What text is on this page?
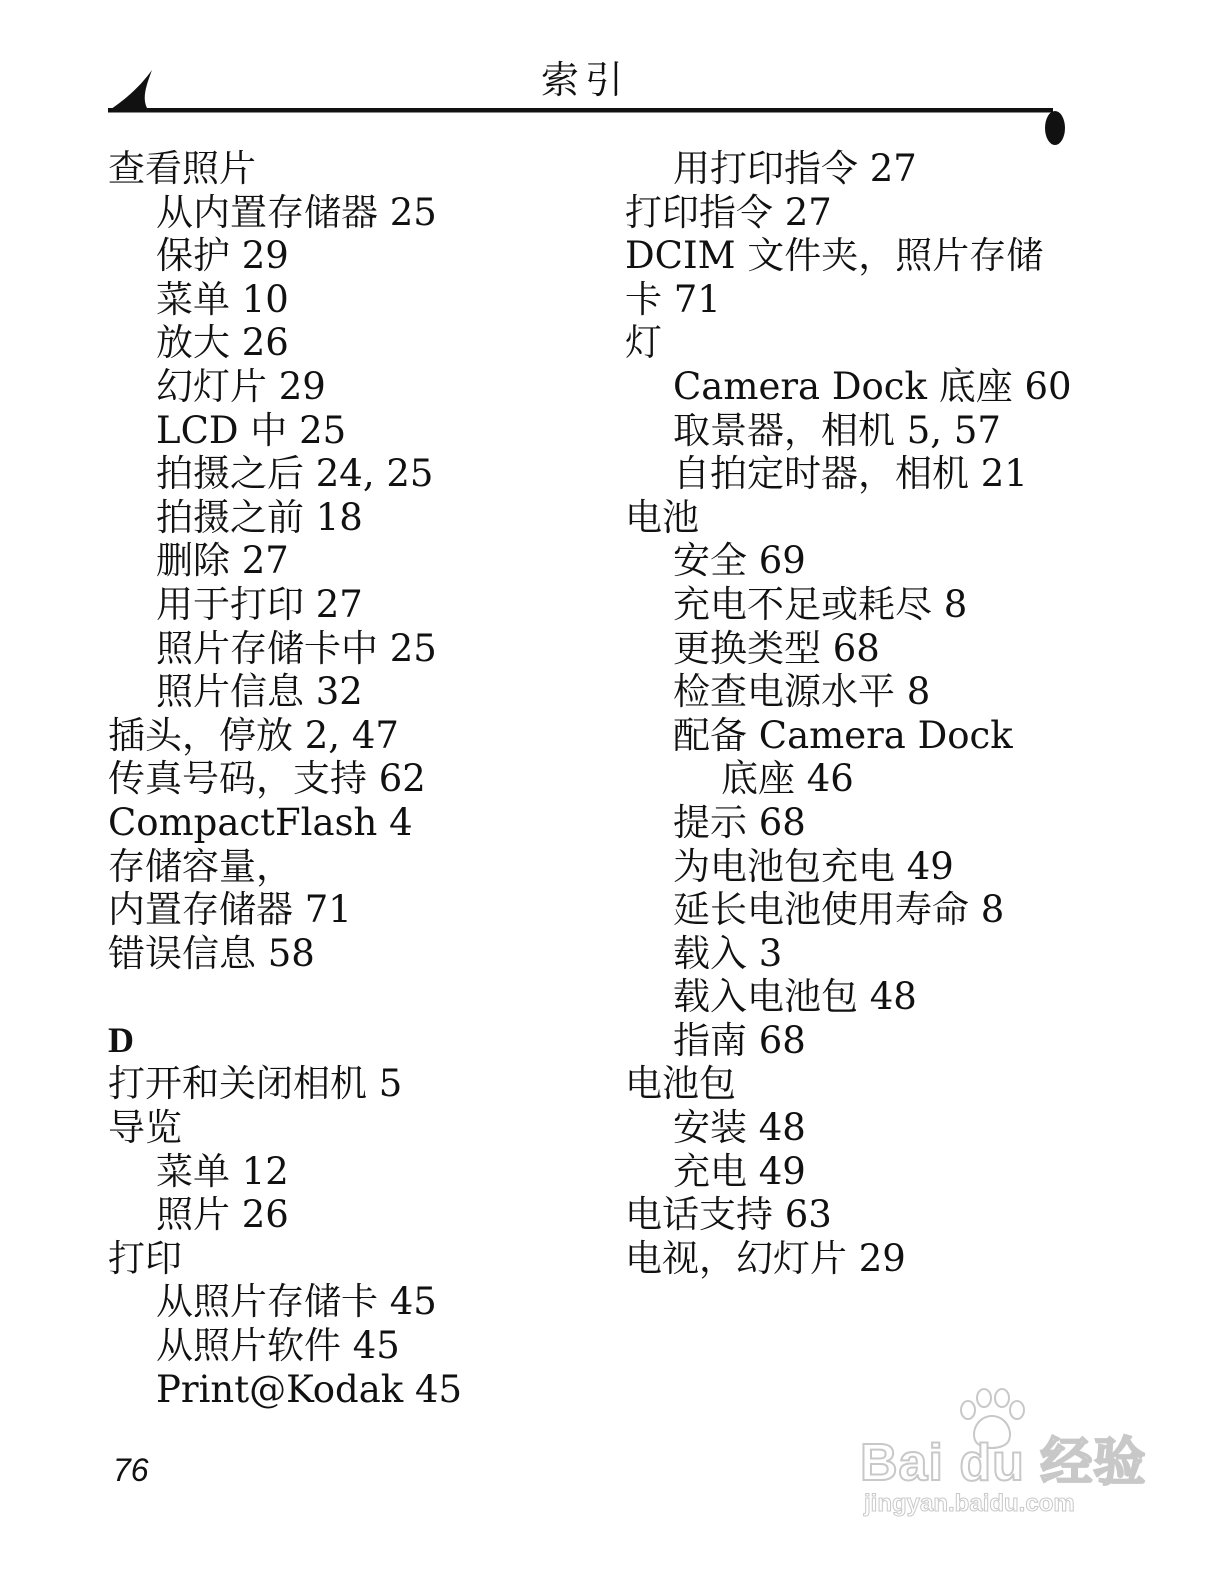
索引
查看照片
从内置存储器 25
保护 29
菜单 10
放大 26
幻灯片 29
LCD 中 25
拍摄之后 24, 25
拍摄之前 18
删除 27
用于打印 27
照片存储卡中 25
照片信息 32
插头，停放 2, 47
传真号码，支持 62
CompactFlash 4
存储容量，
内置存储器 71
错误信息 58
D
打开和关闭相机 5
导览
菜单 12
照片 26
打印
从照片存储卡 45
从照片软件 45
Print@Kodak 45
用打印指令 27
打印指令 27
DCIM 文件夹，照片存储
卡 71
灯
Camera Dock 底座 60
取景器，相机 5, 57
自拍定时器，相机 21
电池
安全 69
充电不足或耗尽 8
更换类型 68
检查电源水平 8
配备 Camera Dock
底座 46
提示 68
为电池包充电 49
延长电池使用寿命 8
载入 3
载入电池包 48
指南 68
电池包
安装 48
充电 49
电话支持 63
电视，幻灯片 29
76	Bai du 经验
jingyan.baidu.com
